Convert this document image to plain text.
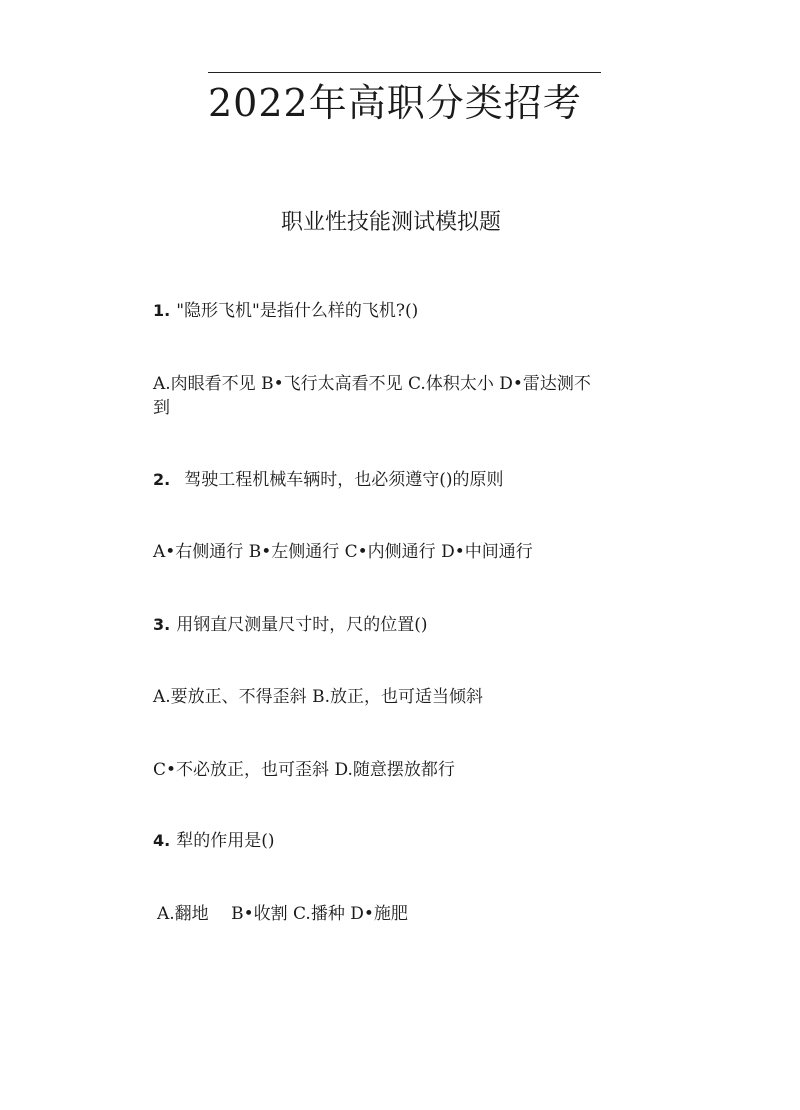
2022年高职分类招考
职业性技能测试模拟题
1. "隐形飞机"是指什么样的飞机?()
A.肉眼看不见 B•飞行太高看不见 C.体积太小 D•雷达测不到
2. 驾驶工程机械车辆时，也必须遵守()的原则
A•右侧通行 B•左侧通行 C•内侧通行 D•中间通行
3. 用钢直尺测量尺寸时，尺的位置()
A.要放正、不得歪斜 B.放正，也可适当倾斜
C•不必放正，也可歪斜 D.随意摆放都行
4. 犁的作用是()
A.翻地　 B•收割 C.播种 D•施肥
